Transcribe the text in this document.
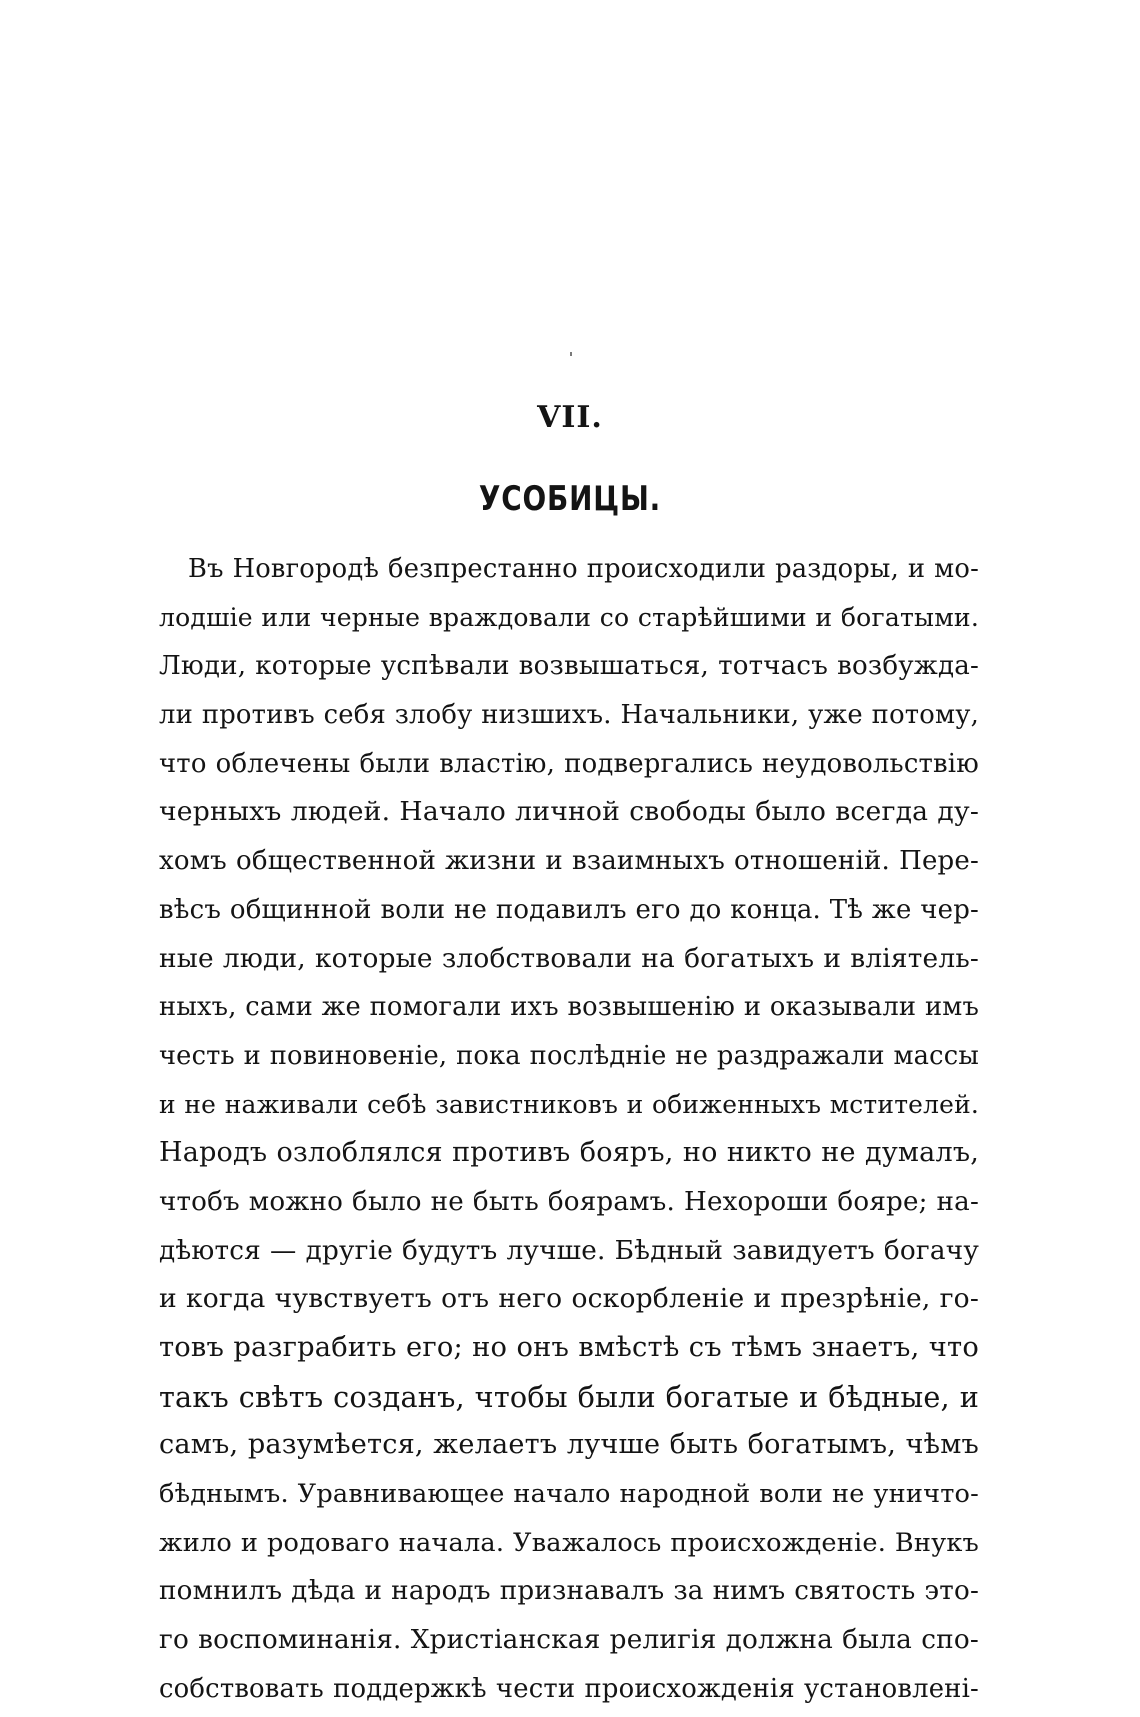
VII.
УСОБИЦЫ.
Въ Новгородѣ безпрестанно происходили раздоры, и мо-
лодшіе или черные враждовали со старѣйшими и богатыми.
Люди, которые успѣвали возвышаться, тотчасъ возбужда-
ли противъ себя злобу низшихъ. Начальники, уже потому,
что облечены были властію, подвергались неудовольствію
черныхъ людей. Начало личной свободы было всегда ду-
хомъ общественной жизни и взаимныхъ отношеній. Пере-
вѣсъ общинной воли не подавилъ его до конца. Тѣ же чер-
ные люди, которые злобствовали на богатыхъ и вліятель-
ныхъ, сами же помогали ихъ возвышенію и оказывали имъ
честь и повиновеніе, пока послѣдніе не раздражали массы
и не наживали себѣ завистниковъ и обиженныхъ мстителей.
Народъ озлоблялся противъ бояръ, но никто не думалъ,
чтобъ можно было не быть боярамъ. Нехороши бояре; на-
дѣются — другіе будутъ лучше. Бѣдный завидуетъ богачу
и когда чувствуетъ отъ него оскорбленіе и презрѣніе, го-
товъ разграбить его; но онъ вмѣстѣ съ тѣмъ знаетъ, что
такъ свѣтъ созданъ, чтобы были богатые и бѣдные, и
самъ, разумѣется, желаетъ лучше быть богатымъ, чѣмъ
бѣднымъ. Уравнивающее начало народной воли не уничто-
жило и родоваго начала. Уважалось происхожденіе. Внукъ
помнилъ дѣда и народъ признавалъ за нимъ святость это-
го воспоминанія. Христіанская религія должна была спо-
собствовать поддержкѣ чести происхожденія установлені-
